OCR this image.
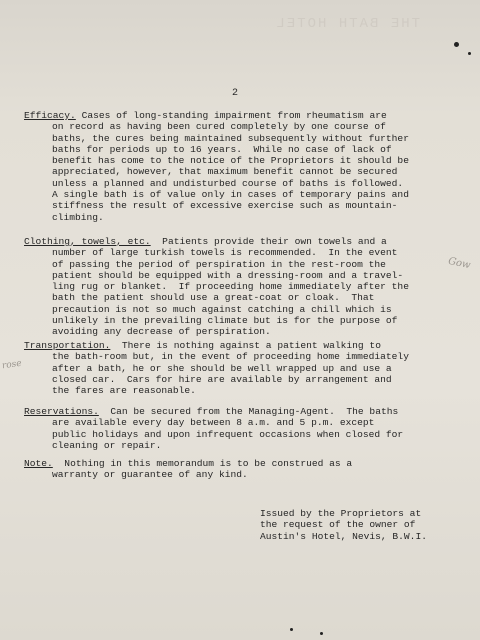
THE BATH HOTEL
2
Efficacy. Cases of long-standing impairment from rheumatism are
on record as having been cured completely by one course of
baths, the cures being maintained subsequently without further
baths for periods up to 16 years.  While no case of lack of
benefit has come to the notice of the Proprietors it should be
appreciated, however, that maximum benefit cannot be secured
unless a planned and undisturbed course of baths is followed.
A single bath is of value only in cases of temporary pains and
stiffness the result of excessive exercise such as mountain-
climbing.
Clothing, towels, etc.  Patients provide their own towels and a
number of large turkish towels is recommended.  In the event
of passing the period of perspiration in the rest-room the
patient should be equipped with a dressing-room and a travel-
ling rug or blanket.  If proceeding home immediately after the
bath the patient should use a great-coat or cloak.  That
precaution is not so much against catching a chill which is
unlikely in the prevailing climate but is for the purpose of
avoiding any decrease of perspiration.
Transportation.  There is nothing against a patient walking to
the bath-room but, in the event of proceeding home immediately
after a bath, he or she should be well wrapped up and use a
closed car.  Cars for hire are available by arrangement and
the fares are reasonable.
Reservations.  Can be secured from the Managing-Agent.  The baths
are available every day between 8 a.m. and 5 p.m. except
public holidays and upon infrequent occasions when closed for
cleaning or repair.
Note.  Nothing in this memorandum is to be construed as a
warranty or guarantee of any kind.
Issued by the Proprietors at
the request of the owner of
Austin's Hotel, Nevis, B.W.I.
Gow
rose
